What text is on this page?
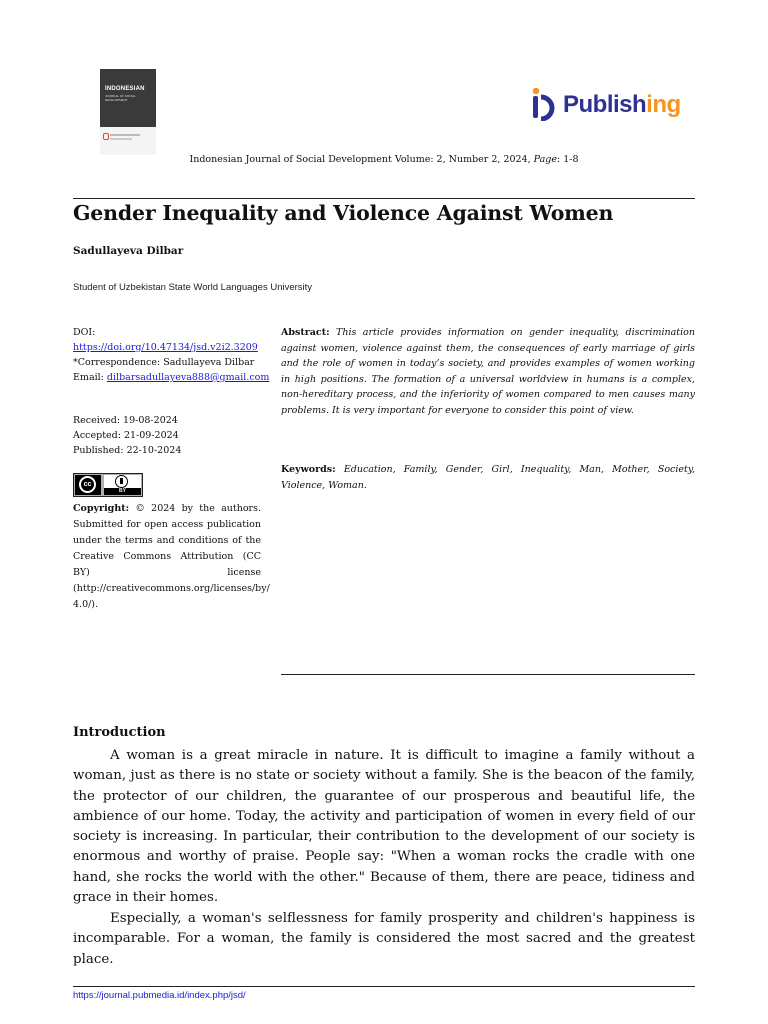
INDONESIAN
JOURNAL OF SOCIAL DEVELOPMENT	Publishing
Indonesian Journal of Social Development Volume: 2, Number 2, 2024, Page: 1-8
Gender Inequality and Violence Against Women
Sadullayeva Dilbar
Student of Uzbekistan State World Languages University
DOI:
https://doi.org/10.47134/jsd.v2i2.3209
*Correspondence: Sadullayeva Dilbar
Email: dilbarsadullayeva888@gmail.com
Received: 19-08-2024
Accepted: 21-09-2024
Published: 22-10-2024
cc
BY
Copyright: © 2024 by the authors. Submitted for open access publication under the terms and conditions of the Creative Commons Attribution (CC BY) license (http://creativecommons.org/licenses/by/ 4.0/).
Abstract: This article provides information on gender inequality, discrimination against women, violence against them, the consequences of early marriage of girls and the role of women in today’s society, and provides examples of women working in high positions. The formation of a universal worldview in humans is a complex, non-hereditary process, and the inferiority of women compared to men causes many problems. It is very important for everyone to consider this point of view.
Keywords: Education, Family, Gender, Girl, Inequality, Man, Mother, Society, Violence, Woman.
Introduction
A woman is a great miracle in nature. It is difficult to imagine a family without a woman, just as there is no state or society without a family. She is the beacon of the family, the protector of our children, the guarantee of our prosperous and beautiful life, the ambience of our home. Today, the activity and participation of women in every field of our society is increasing. In particular, their contribution to the development of our society is enormous and worthy of praise. People say: "When a woman rocks the cradle with one hand, she rocks the world with the other." Because of them, there are peace, tidiness and grace in their homes.
Especially, a woman's selflessness for family prosperity and children's happiness is incomparable. For a woman, the family is considered the most sacred and the greatest place.
https://journal.pubmedia.id/index.php/jsd/
